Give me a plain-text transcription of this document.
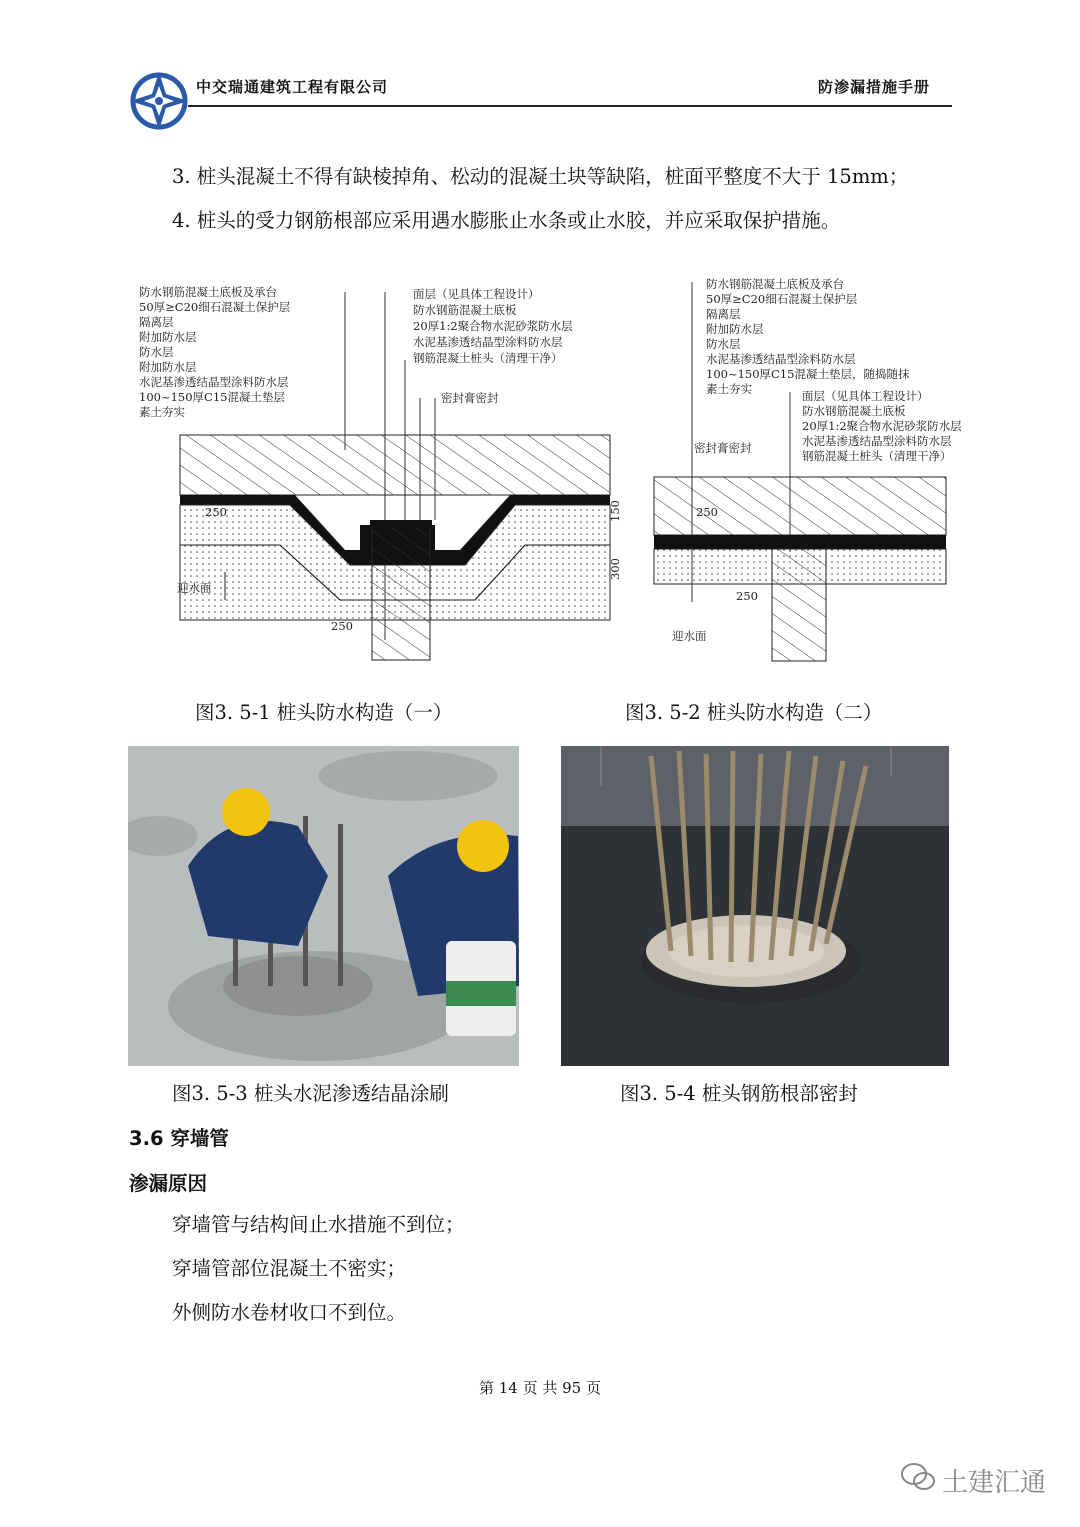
中交瑞通建筑工程有限公司	防渗漏措施手册
3. 桩头混凝土不得有缺棱掉角、松动的混凝土块等缺陷，桩面平整度不大于 15mm；
4. 桩头的受力钢筋根部应采用遇水膨胀止水条或止水胶，并应采取保护措施。
防水钢筋混凝土底板及承台
50厚≥C20细石混凝土保护层
隔离层
附加防水层
防水层
附加防水层
水泥基渗透结晶型涂料防水层
100~150厚C15混凝土垫层
素土夯实
面层（见具体工程设计）
防水钢筋混凝土底板
20厚1:2聚合物水泥砂浆防水层
水泥基渗透结晶型涂料防水层
钢筋混凝土桩头（清理干净）
密封膏密封
迎水面
250
250
150
300
防水钢筋混凝土底板及承台
50厚≥C20细石混凝土保护层
隔离层
附加防水层
防水层
水泥基渗透结晶型涂料防水层
100~150厚C15混凝土垫层，随捣随抹
素土夯实	面层（见具体工程设计）
防水钢筋混凝土底板
20厚1:2聚合物水泥砂浆防水层
水泥基渗透结晶型涂料防水层
钢筋混凝土桩头（清理干净）
密封膏密封
迎水面
250
250
图3. 5-1 桩头防水构造（一）	图3. 5-2 桩头防水构造（二）
图3. 5-3 桩头水泥渗透结晶涂刷	图3. 5-4 桩头钢筋根部密封
3.6 穿墙管
渗漏原因
穿墙管与结构间止水措施不到位；
穿墙管部位混凝土不密实；
外侧防水卷材收口不到位。
第 14 页 共 95 页
土建汇通
